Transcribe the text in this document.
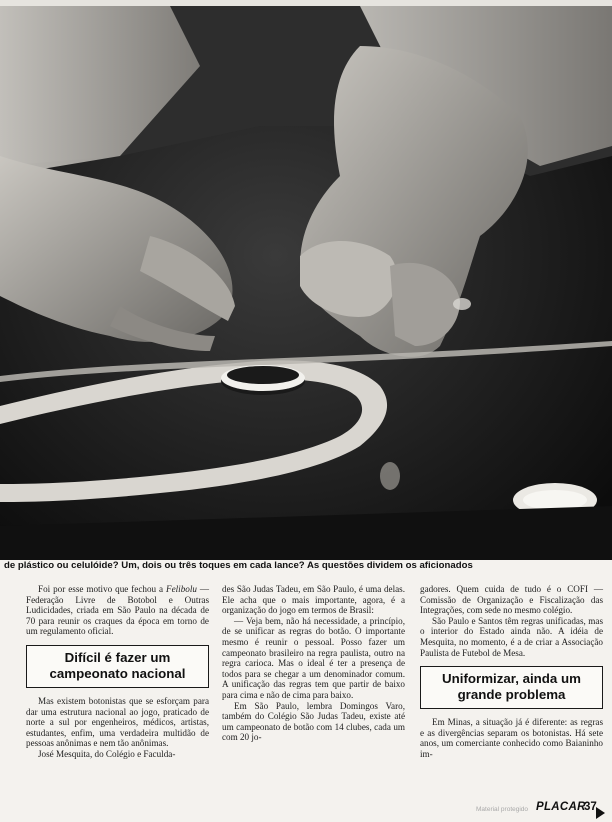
de plástico ou celulóide? Um, dois ou três toques em cada lance? As questões dividem os aficionados

Foi por esse motivo que fechou a Felibolu — Federação Livre de Botobol e Outras Ludicidades, criada em São Paulo na década de 70 para reunir os craques da época em torno de um regulamento oficial.

Difícil é fazer um campeonato nacional

Mas existem botonistas que se esforçam para dar uma estrutura nacional ao jogo, praticado de norte a sul por engenheiros, médicos, artistas, estudantes, enfim, uma verdadeira multidão de pessoas anônimas e nem tão anônimas.

José Mesquita, do Colégio e Faculda-

des São Judas Tadeu, em São Paulo, é uma delas. Ele acha que o mais importante, agora, é a organização do jogo em termos de Brasil:

— Veja bem, não há necessidade, a princípio, de se unificar as regras do botão. O importante mesmo é reunir o pessoal. Posso fazer um campeonato brasileiro na regra paulista, outro na regra carioca. Mas o ideal é ter a presença de todos para se chegar a um denominador comum. A unificação das regras tem que partir de baixo para cima e não de cima para baixo.

Em São Paulo, lembra Domingos Varo, também do Colégio São Judas Tadeu, existe até um campeonato de botão com 14 clubes, cada um com 20 jo-

gadores. Quem cuida de tudo é o COFI — Comissão de Organização e Fiscalização das Integrações, com sede no mesmo colégio.

São Paulo e Santos têm regras unificadas, mas o interior do Estado ainda não. A idéia de Mesquita, no momento, é a de criar a Associação Paulista de Futebol de Mesa.

Uniformizar, ainda um grande problema

Em Minas, a situação já é diferente: as regras e as divergências separam os botonistas. Há sete anos, um comerciante conhecido como Baianinho im-

Material protegido PLACAR
37
